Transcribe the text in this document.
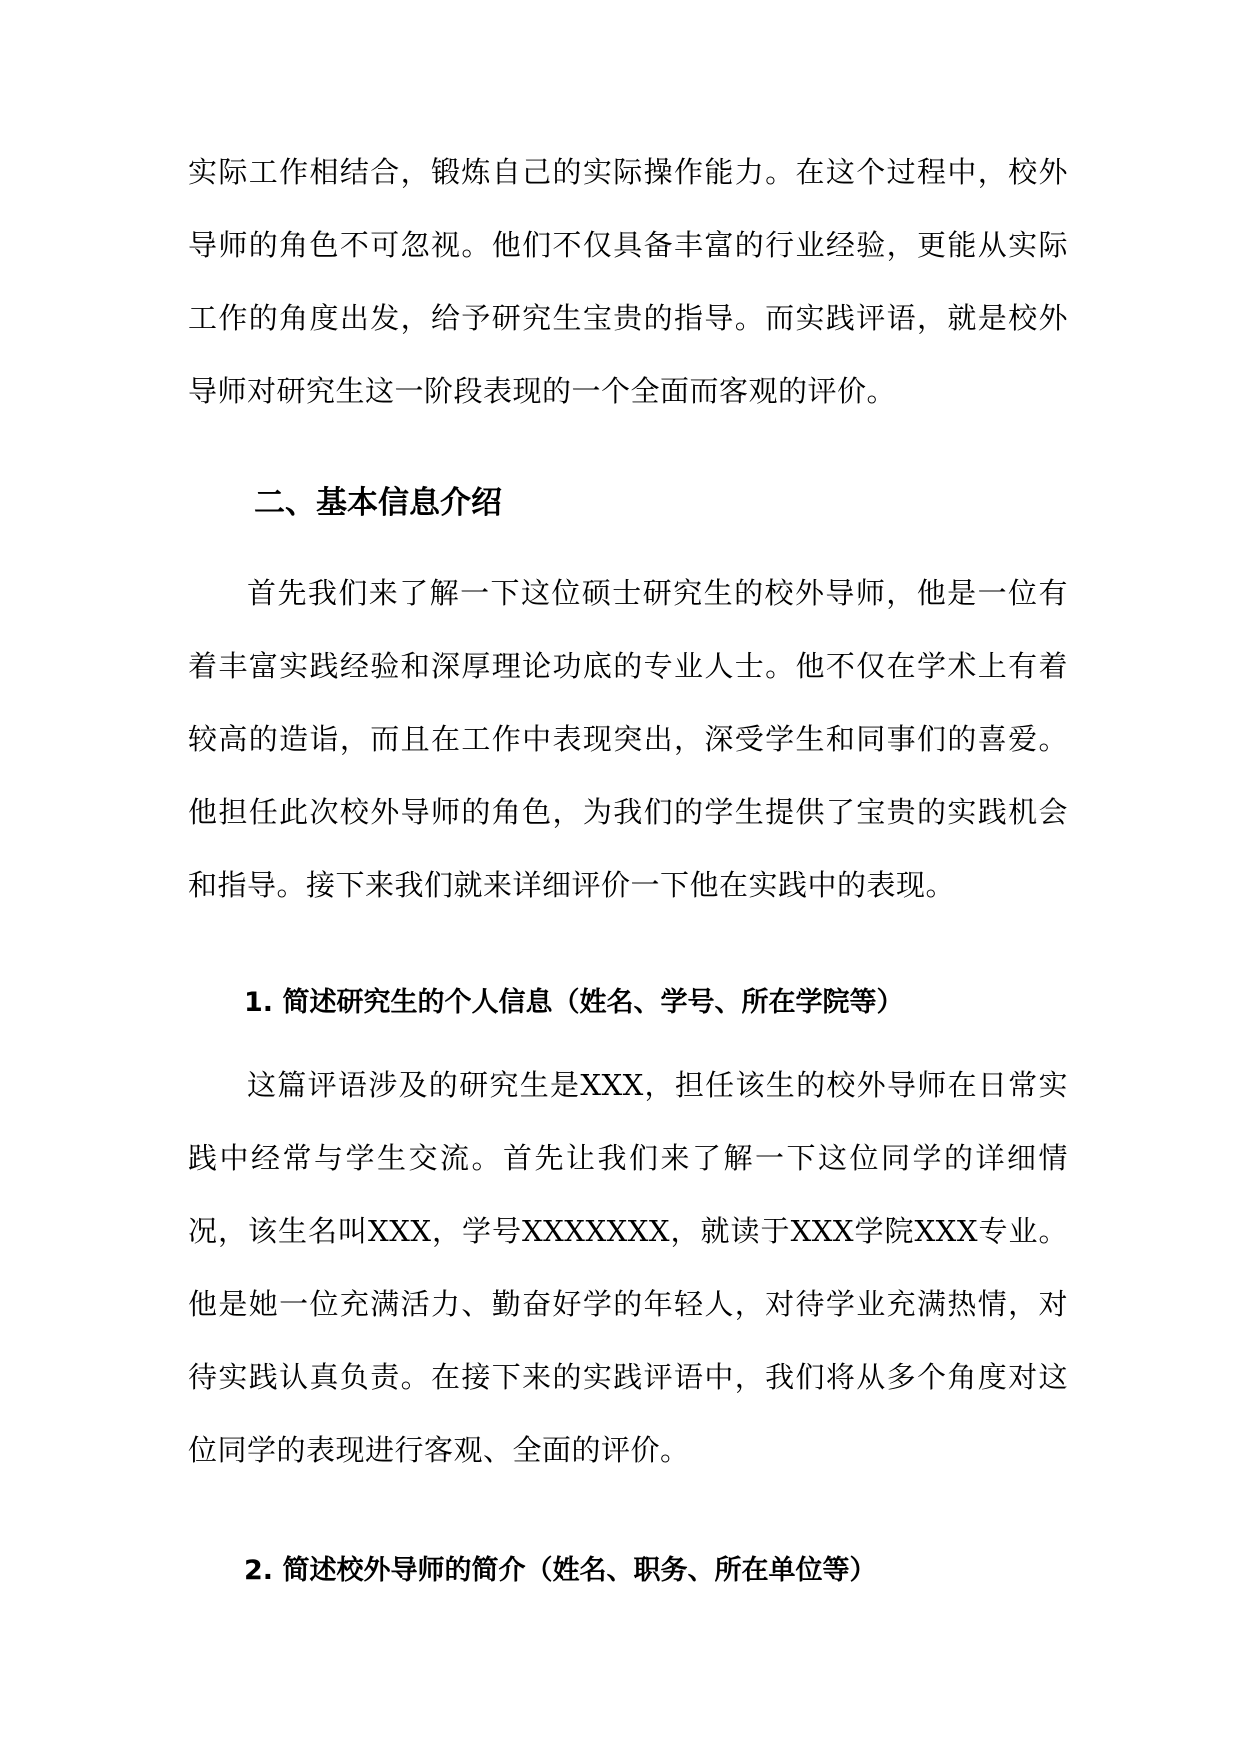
实际工作相结合，锻炼自己的实际操作能力。在这个过程中，校外导师的角色不可忽视。他们不仅具备丰富的行业经验，更能从实际工作的角度出发，给予研究生宝贵的指导。而实践评语，就是校外导师对研究生这一阶段表现的一个全面而客观的评价。

二、基本信息介绍

首先我们来了解一下这位硕士研究生的校外导师，他是一位有着丰富实践经验和深厚理论功底的专业人士。他不仅在学术上有着较高的造诣，而且在工作中表现突出，深受学生和同事们的喜爱。他担任此次校外导师的角色，为我们的学生提供了宝贵的实践机会和指导。接下来我们就来详细评价一下他在实践中的表现。

1. 简述研究生的个人信息（姓名、学号、所在学院等）

这篇评语涉及的研究生是XXX，担任该生的校外导师在日常实践中经常与学生交流。首先让我们来了解一下这位同学的详细情况，该生名叫XXX，学号XXXXXXX，就读于XXX学院XXX专业。他是她一位充满活力、勤奋好学的年轻人，对待学业充满热情，对待实践认真负责。在接下来的实践评语中，我们将从多个角度对这位同学的表现进行客观、全面的评价。

2. 简述校外导师的简介（姓名、职务、所在单位等）
